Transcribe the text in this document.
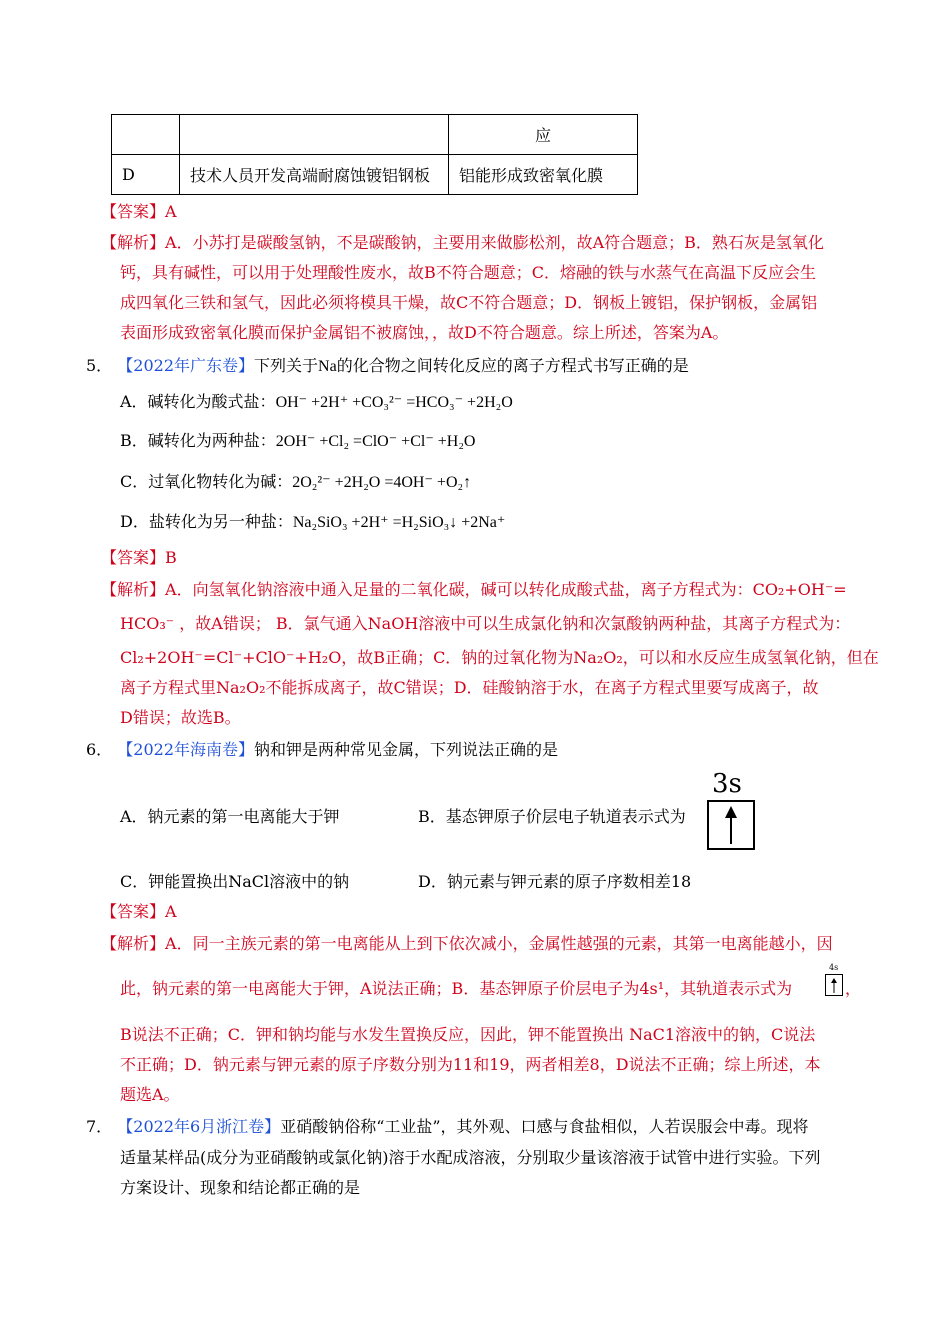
		应
D	技术人员开发高端耐腐蚀镀铝钢板	铝能形成致密氧化膜
【答案】A
【解析】A．小苏打是碳酸氢钠，不是碳酸钠，主要用来做膨松剂，故A符合题意；B．熟石灰是氢氧化
钙，具有碱性，可以用于处理酸性废水，故B不符合题意；C．熔融的铁与水蒸气在高温下反应会生
成四氧化三铁和氢气，因此必须将模具干燥，故C不符合题意；D．钢板上镀铝，保护钢板，金属铝
表面形成致密氧化膜而保护金属铝不被腐蚀，，故D不符合题意。综上所述，答案为A。
5． 【2022年广东卷】下列关于Na的化合物之间转化反应的离子方程式书写正确的是
A．碱转化为酸式盐：OH⁻ +2H⁺ +CO₃²⁻ =HCO₃⁻ +2H₂O
B．碱转化为两种盐：2OH⁻ +Cl₂ =ClO⁻ +Cl⁻ +H₂O
C．过氧化物转化为碱：2O₂²⁻ +2H₂O =4OH⁻ +O₂↑
D．盐转化为另一种盐：Na₂SiO₃ +2H⁺ =H₂SiO₃↓ +2Na⁺
【答案】B
【解析】A．向氢氧化钠溶液中通入足量的二氧化碳，碱可以转化成酸式盐，离子方程式为：CO₂+OH⁻=
HCO₃⁻ ，故A错误； B．氯气通入NaOH溶液中可以生成氯化钠和次氯酸钠两种盐，其离子方程式为：
Cl₂+2OH⁻=Cl⁻+ClO⁻+H₂O，故B正确；C．钠的过氧化物为Na₂O₂，可以和水反应生成氢氧化钠，但在
离子方程式里Na₂O₂不能拆成离子，故C错误；D．硅酸钠溶于水，在离子方程式里要写成离子，故
D错误；故选B。
6． 【2022年海南卷】钠和钾是两种常见金属，下列说法正确的是
A．钠元素的第一电离能大于钾	B．基态钾原子价层电子轨道表示式为
3s
C．钾能置换出NaCl溶液中的钠	D．钠元素与钾元素的原子序数相差18
【答案】A
【解析】A．同一主族元素的第一电离能从上到下依次减小，金属性越强的元素，其第一电离能越小，因
此，钠元素的第一电离能大于钾，A说法正确；B．基态钾原子价层电子为4s¹，其轨道表示式为
4s
，
B说法不正确；C．钾和钠均能与水发生置换反应，因此，钾不能置换出 NaC1溶液中的钠，C说法
不正确；D．钠元素与钾元素的原子序数分别为11和19，两者相差8，D说法不正确；综上所述，本
题选A。
7． 【2022年6月浙江卷】亚硝酸钠俗称“工业盐”，其外观、口感与食盐相似，人若误服会中毒。现将
适量某样品(成分为亚硝酸钠或氯化钠)溶于水配成溶液，分别取少量该溶液于试管中进行实验。下列
方案设计、现象和结论都正确的是
